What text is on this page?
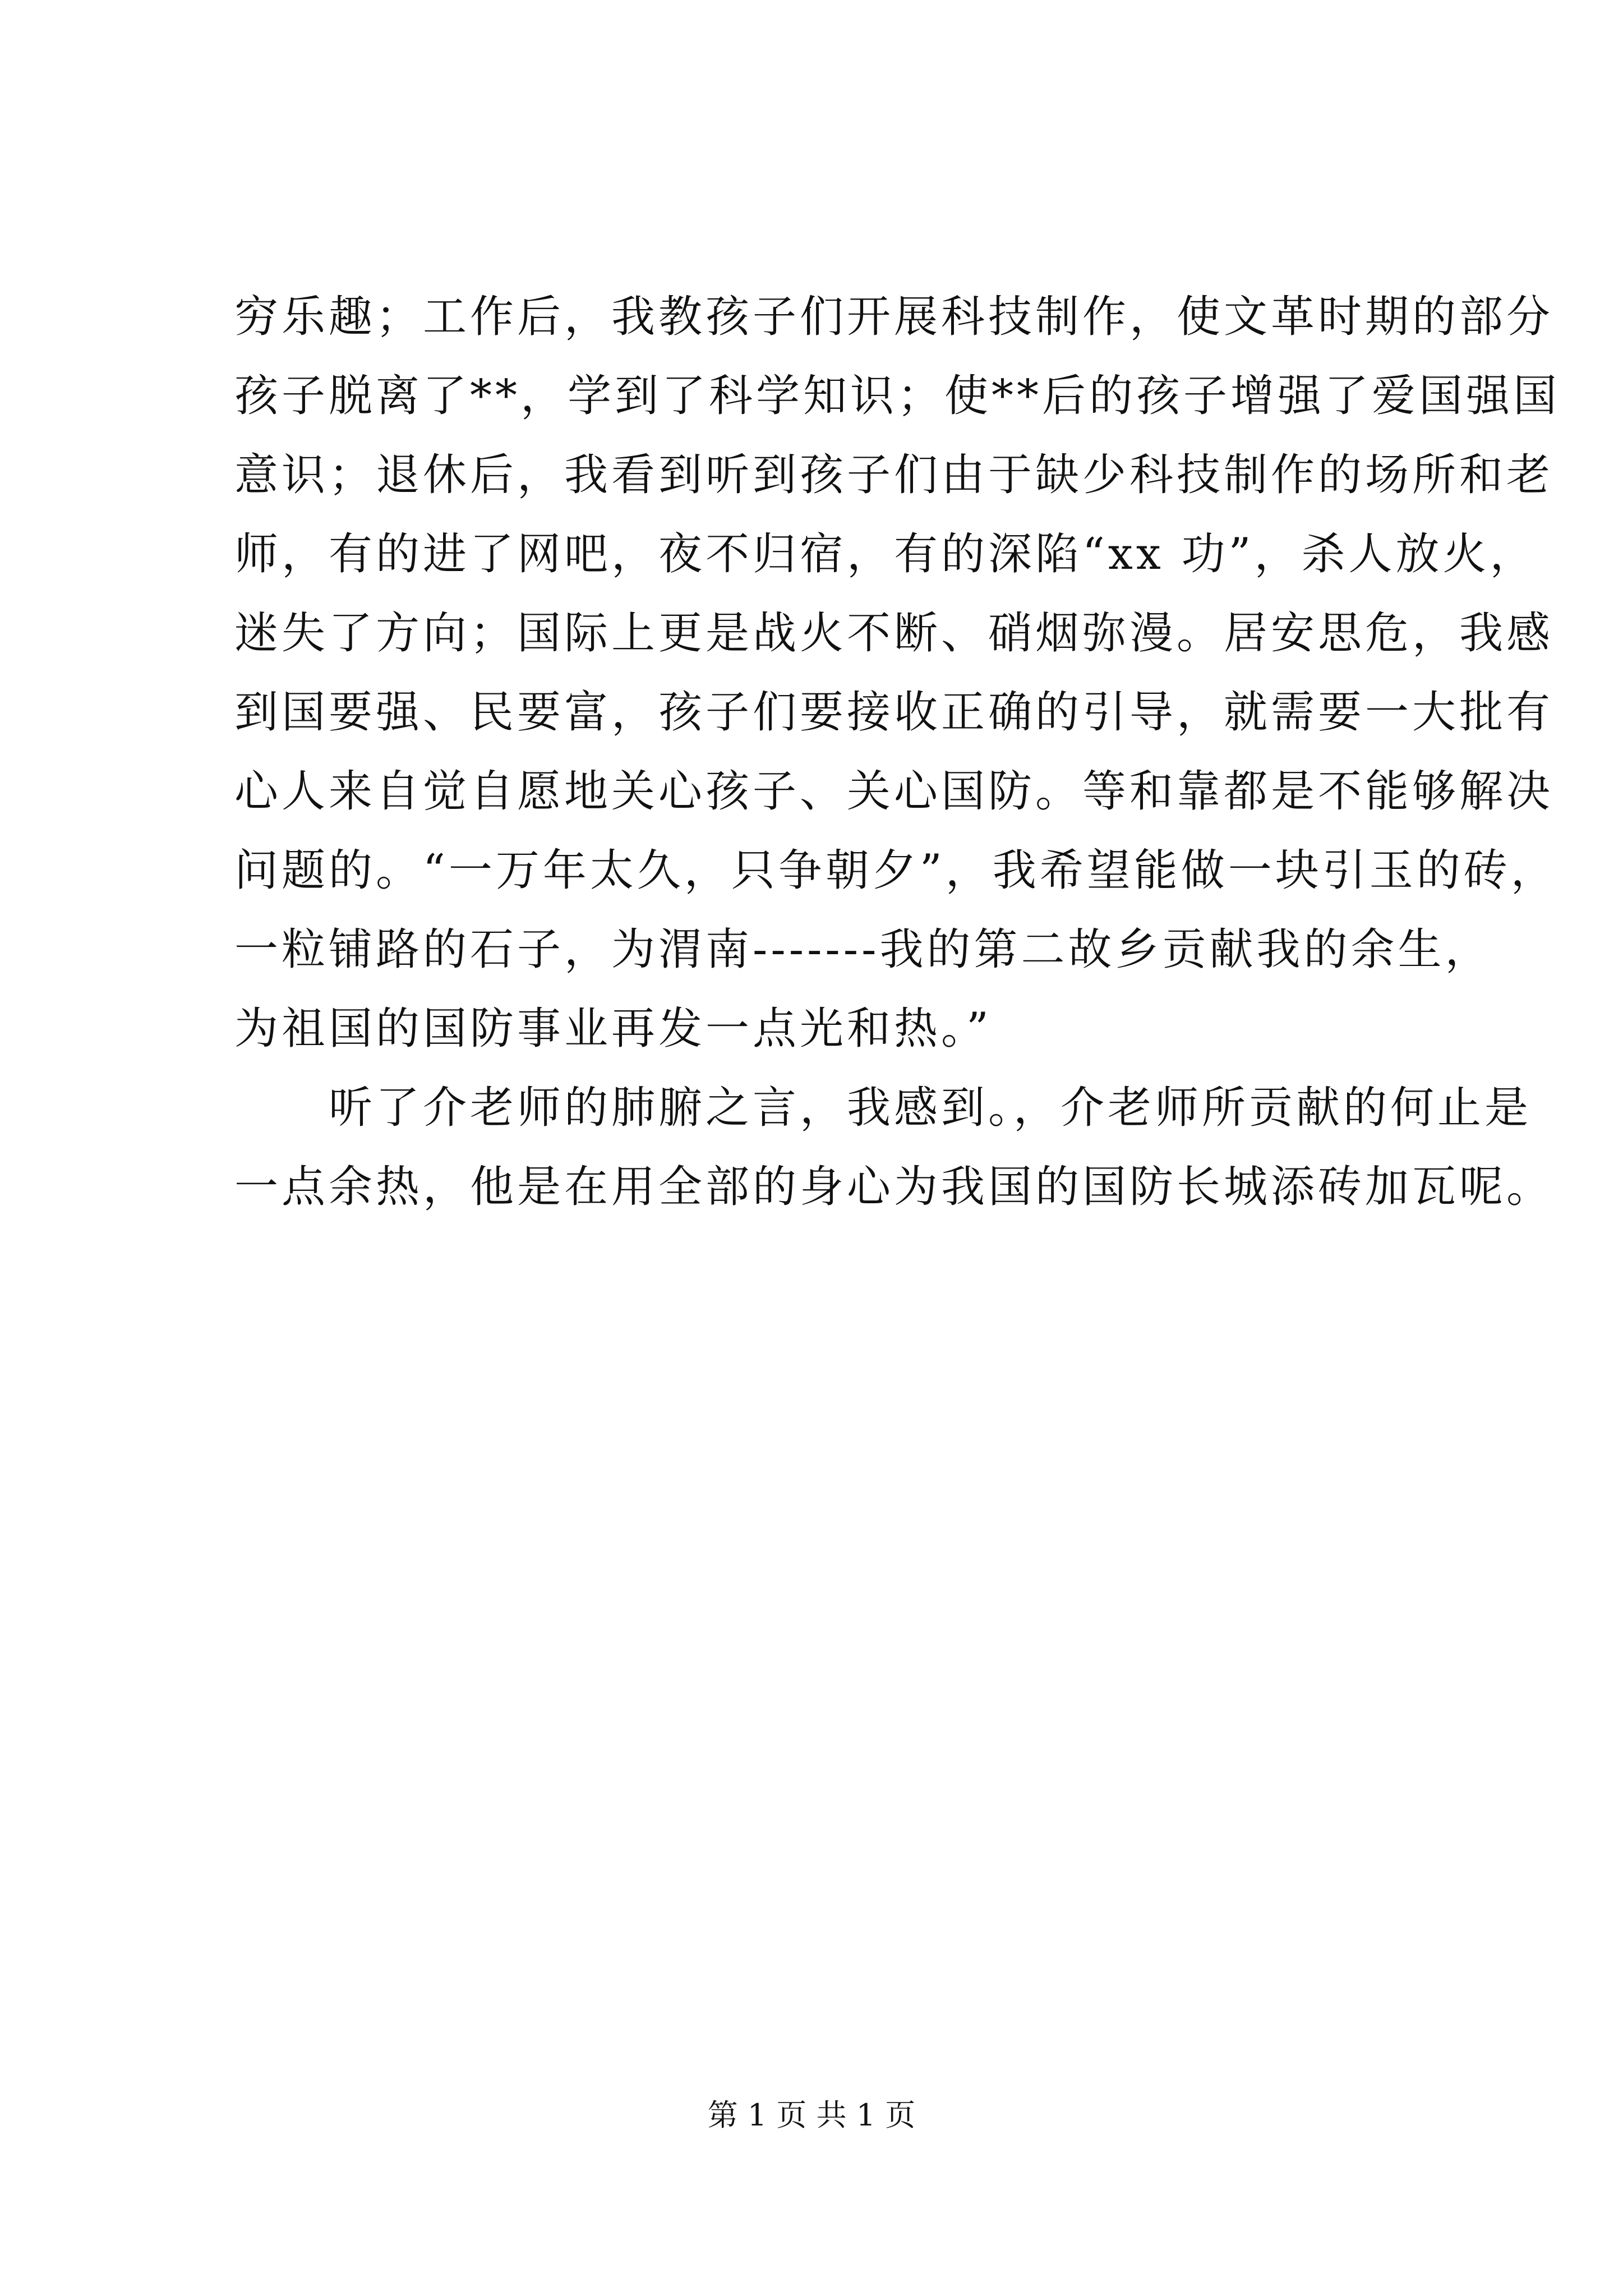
穷乐趣；工作后，我教孩子们开展科技制作，使文革时期的部分
孩子脱离了**，学到了科学知识；使**后的孩子增强了爱国强国
意识；退休后，我看到听到孩子们由于缺少科技制作的场所和老
师，有的进了网吧，夜不归宿，有的深陷“xx 功”，杀人放火，
迷失了方向；国际上更是战火不断、硝烟弥漫。居安思危，我感
到国要强、民要富，孩子们要接收正确的引导，就需要一大批有
心人来自觉自愿地关心孩子、关心国防。等和靠都是不能够解决
问题的。“一万年太久，只争朝夕”，我希望能做一块引玉的砖，
一粒铺路的石子，为渭南-------我的第二故乡贡献我的余生，
为祖国的国防事业再发一点光和热。”
　　听了介老师的肺腑之言，我感到。，介老师所贡献的何止是
一点余热，他是在用全部的身心为我国的国防长城添砖加瓦呢。
第 1 页 共 1 页
